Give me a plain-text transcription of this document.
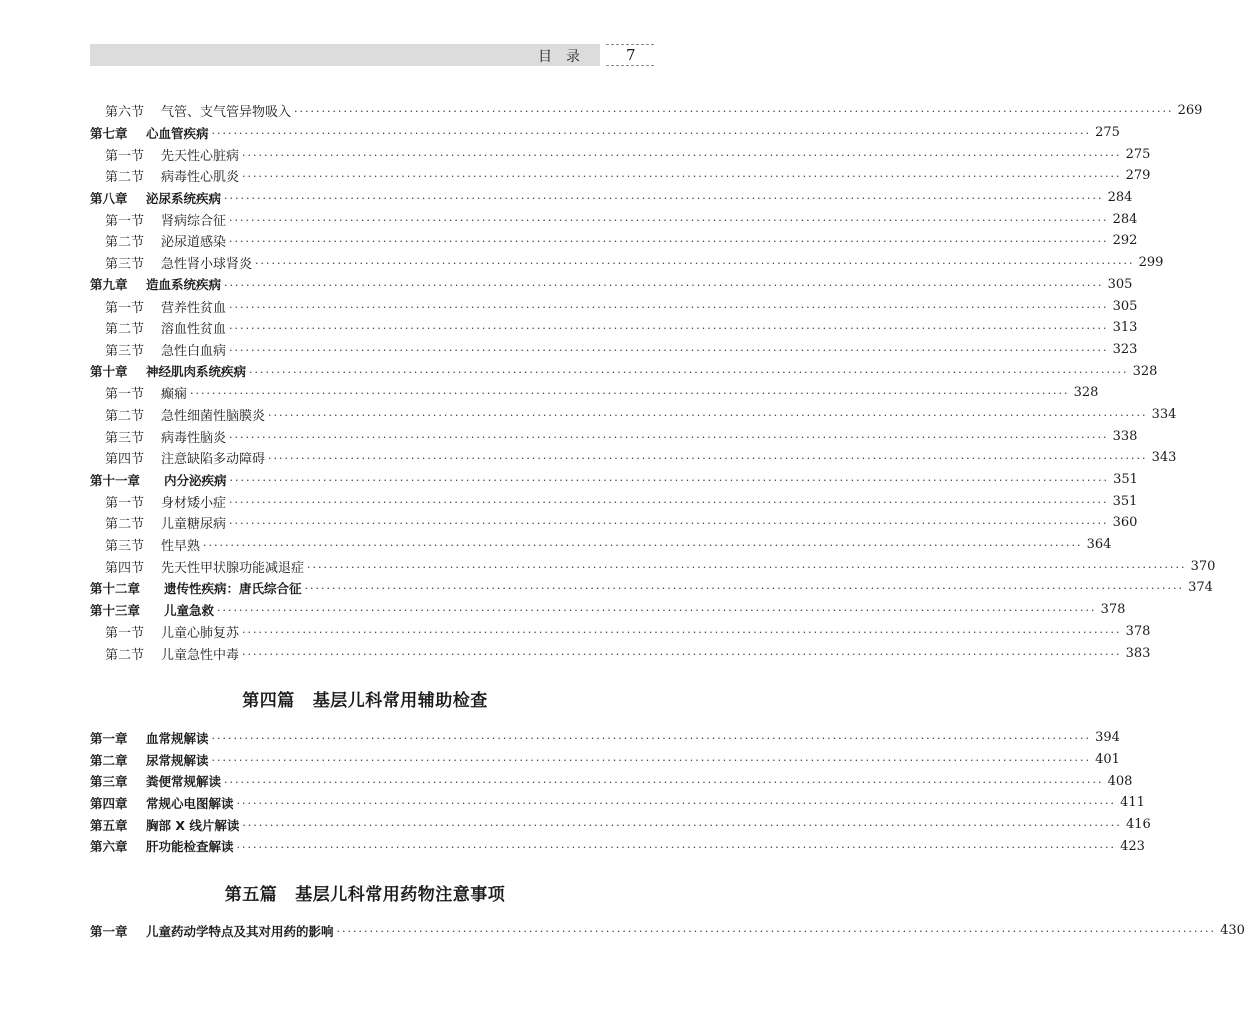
目录 7
第六节	气管、支气管异物吸入 ································································································································································ 269
第七章	心血管疾病 ································································································································································ 275
第一节	先天性心脏病 ································································································································································ 275
第二节	病毒性心肌炎 ································································································································································ 279
第八章	泌尿系统疾病 ································································································································································ 284
第一节	肾病综合征 ································································································································································ 284
第二节	泌尿道感染 ································································································································································ 292
第三节	急性肾小球肾炎 ································································································································································ 299
第九章	造血系统疾病 ································································································································································ 305
第一节	营养性贫血 ································································································································································ 305
第二节	溶血性贫血 ································································································································································ 313
第三节	急性白血病 ································································································································································ 323
第十章	神经肌肉系统疾病 ································································································································································ 328
第一节	癫痫 ································································································································································ 328
第二节	急性细菌性脑膜炎 ································································································································································ 334
第三节	病毒性脑炎 ································································································································································ 338
第四节	注意缺陷多动障碍 ································································································································································ 343
第十一章	内分泌疾病 ································································································································································ 351
第一节	身材矮小症 ································································································································································ 351
第二节	儿童糖尿病 ································································································································································ 360
第三节	性早熟 ································································································································································ 364
第四节	先天性甲状腺功能减退症 ································································································································································ 370
第十二章	遗传性疾病：唐氏综合征 ································································································································································ 374
第十三章	儿童急救 ································································································································································ 378
第一节	儿童心肺复苏 ································································································································································ 378
第二节	儿童急性中毒 ································································································································································ 383
第四篇 基层儿科常用辅助检查
第一章	血常规解读 ································································································································································ 394
第二章	尿常规解读 ································································································································································ 401
第三章	粪便常规解读 ································································································································································ 408
第四章	常规心电图解读 ································································································································································ 411
第五章	胸部 X 线片解读 ································································································································································ 416
第六章	肝功能检查解读 ································································································································································ 423
第五篇 基层儿科常用药物注意事项
第一章	儿童药动学特点及其对用药的影响 ································································································································································ 430
